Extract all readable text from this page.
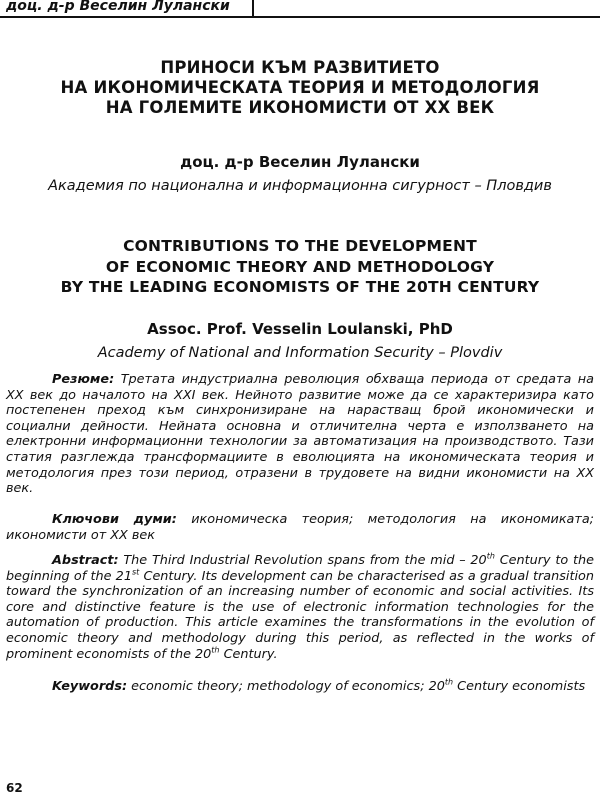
доц. д-р Веселин Лулански
ПРИНОСИ КЪМ РАЗВИТИЕТО
НА ИКОНОМИЧЕСКАТА ТЕОРИЯ И МЕТОДОЛОГИЯ
НА ГОЛЕМИТЕ ИКОНОМИСТИ ОТ XX ВЕК
доц. д-р Веселин Лулански
Академия по национална и информационна сигурност – Пловдив
CONTRIBUTIONS TO THE DEVELOPMENT
OF ECONOMIC THEORY AND METHODOLOGY
BY THE LEADING ECONOMISTS OF THE 20TH CENTURY
Assoc. Prof. Vesselin Loulanski, PhD
Academy of National and Information Security – Plovdiv
Резюме: Третата индустриална революция обхваща периода от средата на XX век до началото на XXI век. Нейното развитие може да се характеризира като постепенен преход към синхронизиране на нарастващ брой икономически и социални дейности. Нейната основна и отличителна черта е използването на електронни информационни технологии за автоматизация на производството. Тази статия разглежда трансформациите в еволюцията на икономическата теория и методология през този период, отразени в трудовете на видни икономисти на XX век.
Ключови думи: икономическа теория; методология на икономиката; икономисти от XX век
Abstract: The Third Industrial Revolution spans from the mid – 20th Century to the beginning of the 21st Century. Its development can be characterised as a gradual transition toward the synchronization of an increasing number of economic and social activities. Its core and distinctive feature is the use of electronic information technologies for the automation of production. This article examines the transformations in the evolution of economic theory and methodology during this period, as reflected in the works of prominent economists of the 20th Century.
Keywords: economic theory; methodology of economics; 20th Century economists
62
